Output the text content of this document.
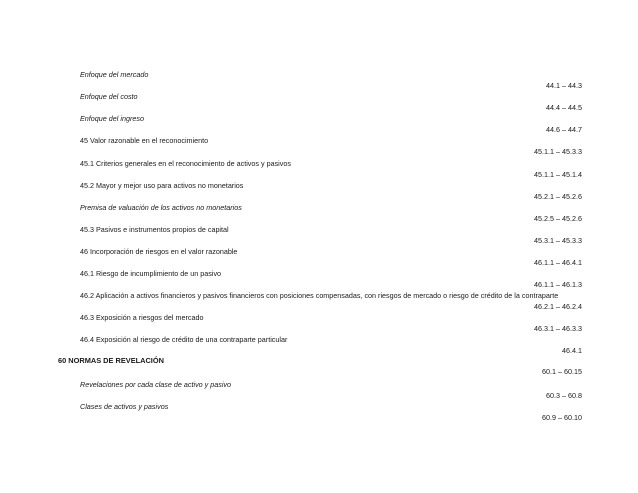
Enfoque del mercado
44.1 – 44.3
Enfoque del costo
44.4 – 44.5
Enfoque del ingreso
44.6 – 44.7
45 Valor razonable en el reconocimiento
45.1.1 – 45.3.3
45.1 Criterios generales en el reconocimiento de activos y pasivos
45.1.1 – 45.1.4
45.2 Mayor y mejor uso para activos no monetarios
45.2.1 – 45.2.6
Premisa de valuación de los activos no monetarios
45.2.5 – 45.2.6
45.3 Pasivos e instrumentos propios de capital
45.3.1 – 45.3.3
46 Incorporación de riesgos en el valor razonable
46.1.1 – 46.4.1
46.1 Riesgo de incumplimiento de un pasivo
46.1.1 – 46.1.3
46.2 Aplicación a activos financieros y pasivos financieros con posiciones compensadas, con riesgos de mercado o riesgo de crédito de la contraparte
46.2.1 – 46.2.4
46.3 Exposición a riesgos del mercado
46.3.1 – 46.3.3
46.4 Exposición al riesgo de crédito de una contraparte particular
46.4.1
60 NORMAS DE REVELACIÓN
60.1 – 60.15
Revelaciones por cada clase de activo y pasivo
60.3 – 60.8
Clases de activos y pasivos
60.9 – 60.10
